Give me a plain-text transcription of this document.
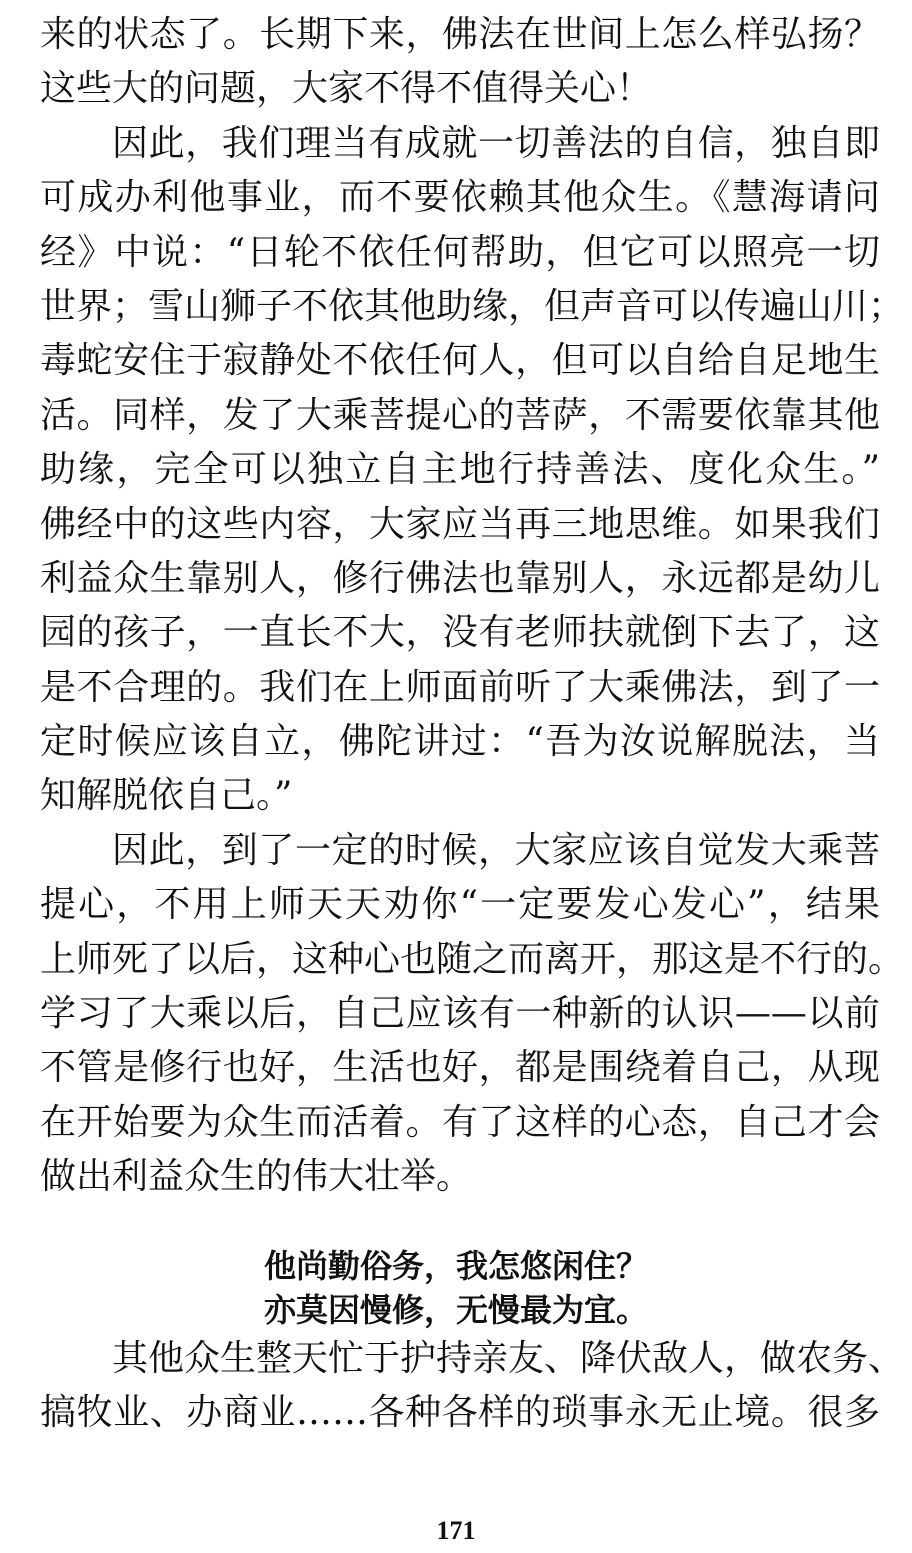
来的状态了。长期下来，佛法在世间上怎么样弘扬？
这些大的问题，大家不得不值得关心！
因此，我们理当有成就一切善法的自信，独自即
可成办利他事业，而不要依赖其他众生。《慧海请问
经》中说：“日轮不依任何帮助，但它可以照亮一切
世界；雪山狮子不依其他助缘，但声音可以传遍山川；
毒蛇安住于寂静处不依任何人，但可以自给自足地生
活。同样，发了大乘菩提心的菩萨，不需要依靠其他
助缘，完全可以独立自主地行持善法、度化众生。”
佛经中的这些内容，大家应当再三地思维。如果我们
利益众生靠别人，修行佛法也靠别人，永远都是幼儿
园的孩子，一直长不大，没有老师扶就倒下去了，这
是不合理的。我们在上师面前听了大乘佛法，到了一
定时候应该自立，佛陀讲过：“吾为汝说解脱法，当
知解脱依自己。”
因此，到了一定的时候，大家应该自觉发大乘菩
提心，不用上师天天劝你“一定要发心发心”，结果
上师死了以后，这种心也随之而离开，那这是不行的。
学习了大乘以后，自己应该有一种新的认识——以前
不管是修行也好，生活也好，都是围绕着自己，从现
在开始要为众生而活着。有了这样的心态，自己才会
做出利益众生的伟大壮举。
他尚勤俗务，我怎悠闲住？
亦莫因慢修，无慢最为宜。
其他众生整天忙于护持亲友、降伏敌人，做农务、
搞牧业、办商业……各种各样的琐事永无止境。很多
171
